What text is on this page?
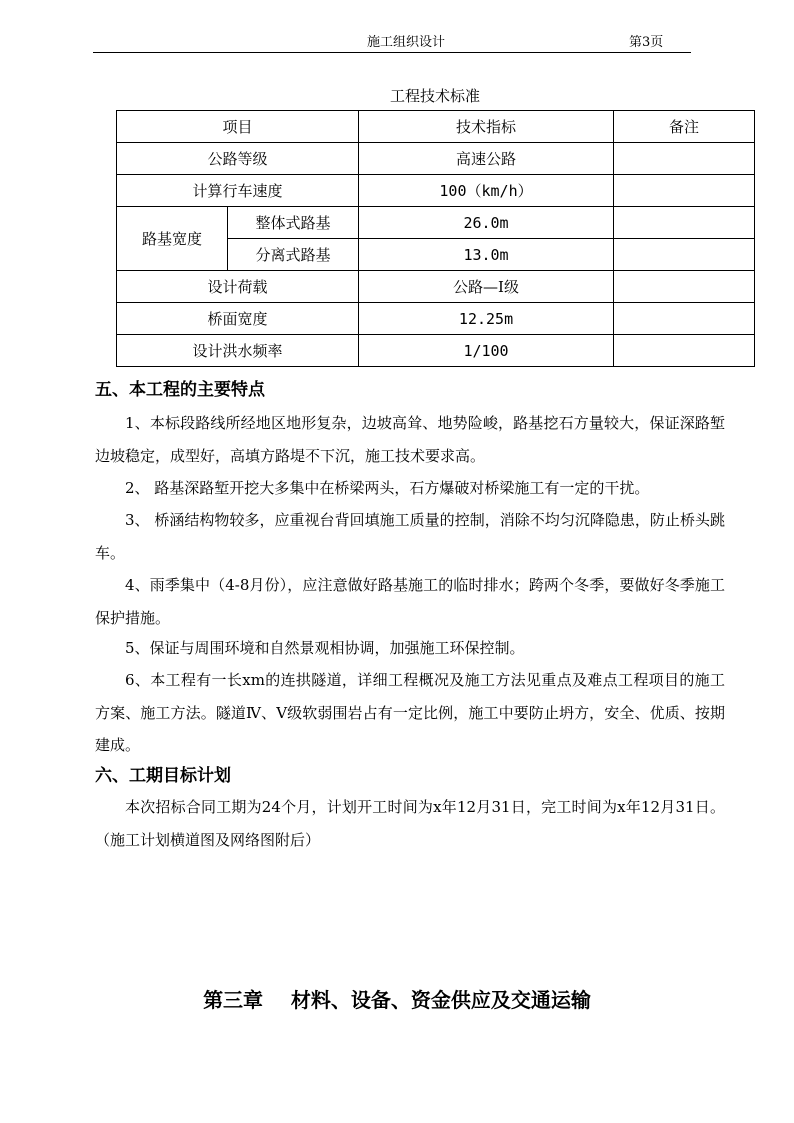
施工组织设计	第3页
工程技术标准
项目		技术指标	备注
公路等级		高速公路	
计算行车速度		100（km/h）	
路基宽度	整体式路基	26.0m	
	分离式路基	13.0m	
设计荷载		公路—Ⅰ级	
桥面宽度		12.25m	
设计洪水频率		1/100	
五、本工程的主要特点
1、本标段路线所经地区地形复杂，边坡高耸、地势险峻，路基挖石方量较大，保证深路堑边坡稳定，成型好，高填方路堤不下沉，施工技术要求高。
2、 路基深路堑开挖大多集中在桥梁两头，石方爆破对桥梁施工有一定的干扰。
3、 桥涵结构物较多，应重视台背回填施工质量的控制，消除不均匀沉降隐患，防止桥头跳车。
4、雨季集中（4-8月份），应注意做好路基施工的临时排水；跨两个冬季，要做好冬季施工保护措施。
5、保证与周围环境和自然景观相协调，加强施工环保控制。
6、本工程有一长xm的连拱隧道，详细工程概况及施工方法见重点及难点工程项目的施工方案、施工方法。隧道Ⅳ、Ⅴ级软弱围岩占有一定比例，施工中要防止坍方，安全、优质、按期建成。
六、工期目标计划
本次招标合同工期为24个月，计划开工时间为x年12月31日，完工时间为x年12月31日。（施工计划横道图及网络图附后）
第三章    材料、设备、资金供应及交通运输
